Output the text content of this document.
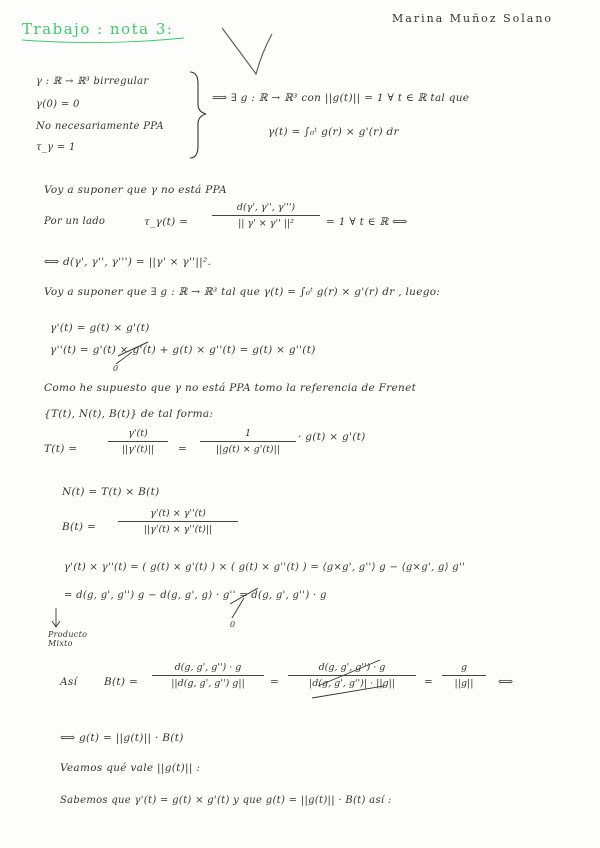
Trabajo : nota 3:
Marina Muñoz Solano
γ : ℝ → ℝ³ birregular
γ(0) = 0
No necesariamente PPA
τ_γ = 1
⟹ ∃ g : ℝ → ℝ³ con ||g(t)|| = 1 ∀ t ∈ ℝ tal que
γ(t) = ∫₀ᵗ g(r) × g'(r) dr
Voy a suponer que γ no está PPA
Por un lado	τ_γ(t) =
d(γ', γ'', γ''')
|| γ' × γ'' ||²	= 1 ∀ t ∈ ℝ ⟺
⟺ d(γ', γ'', γ''') = ||γ' × γ''||².
Voy a suponer que ∃ g : ℝ → ℝ³ tal que γ(t) = ∫₀ᵗ g(r) × g'(r) dr , luego:
γ'(t) = g(t) × g'(t)
γ''(t) = g'(t) × g'(t) + g(t) × g''(t) = g(t) × g''(t)
0
Como he supuesto que γ no está PPA tomo la referencia de Frenet
{T(t), N(t), B(t)} de tal forma:
T(t) =
γ'(t)
||γ'(t)||	=
1
||g(t) × g'(t)||
· g(t) × g'(t)
N(t) = T(t) × B(t)
B(t) =
γ'(t) × γ''(t)
||γ'(t) × γ''(t)||
γ'(t) × γ''(t) = ( g(t) × g'(t) ) × ( g(t) × g''(t) ) = ⟨g×g', g''⟩ g − ⟨g×g', g⟩ g''
= d(g, g', g'') g − d(g, g', g) · g'' = d(g, g', g'') · g
0
Producto
Mixto
Así	B(t) =
d(g, g', g'') · g
||d(g, g', g'') g||	=
d(g, g', g'') · g
|d(g, g', g'')| · ||g||	=
g
||g||	⟺
⟺ g(t) = ||g(t)|| · B(t)
Veamos qué vale ||g(t)|| :
Sabemos que γ'(t) = g(t) × g'(t) y que g(t) = ||g(t)|| · B(t) así :
